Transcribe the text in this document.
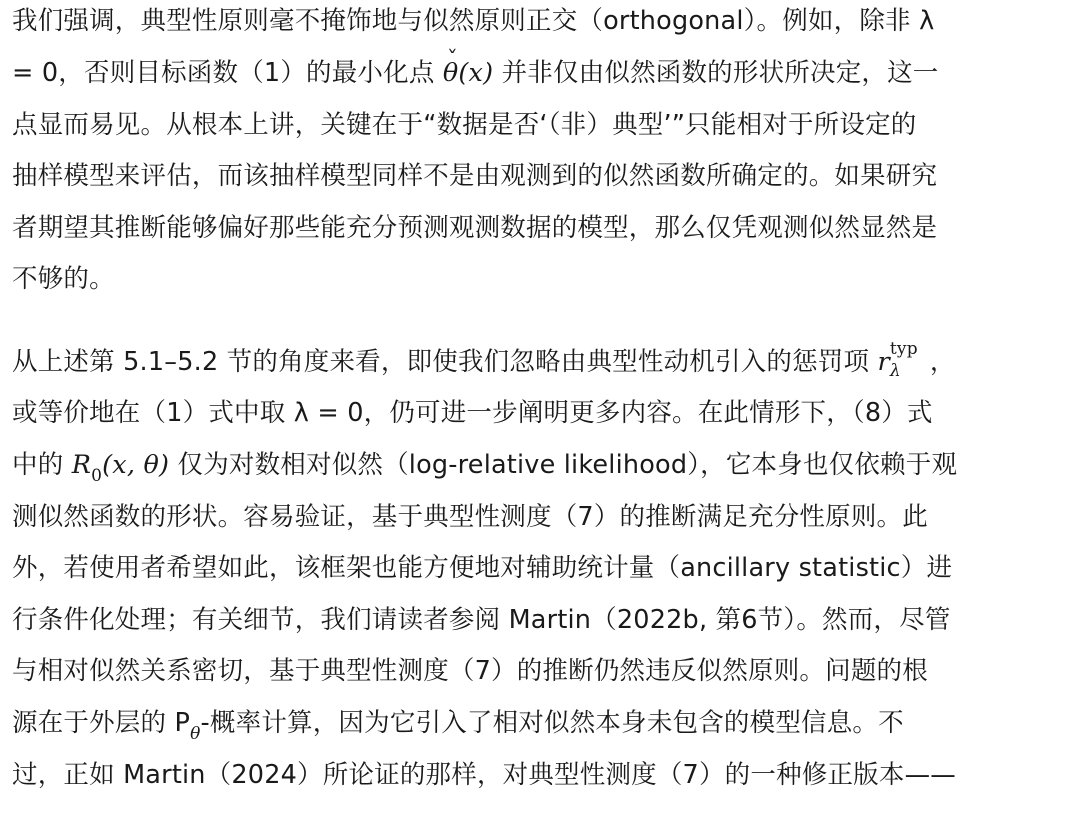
我们强调，典型性原则毫不掩饰地与似然原则正交（orthogonal）。例如，除非 λ
= 0，否则目标函数（1）的最小化点 ˇ θ(x) 并非仅由似然函数的形状所决定，这一
点显而易见。从根本上讲，关键在于“数据是否‘（非）典型’”只能相对于所设定的
抽样模型来评估，而该抽样模型同样不是由观测到的似然函数所确定的。如果研究
者期望其推断能够偏好那些能充分预测观测数据的模型，那么仅凭观测似然显然是
不够的。
从上述第 5.1–5.2 节的角度来看，即使我们忽略由典型性动机引入的惩罚项 r typ
λ ，
或等价地在（1）式中取 λ = 0，仍可进一步阐明更多内容。在此情形下，（8）式
中的 $R_0(x$, θ) 仅为对数相对似然（log-relative likelihood），它本身也仅依赖于观
测似然函数的形状。容易验证，基于典型性测度（7）的推断满足充分性原则。此
外，若使用者希望如此，该框架也能方便地对辅助统计量（ancillary statistic）进
行条件化处理；有关细节，我们请读者参阅 Martin（2022b, 第6节）。然而，尽管
与相对似然关系密切，基于典型性测度（7）的推断仍然违反似然原则。问题的根
源在于外层的 $P_\theta-$概率计算，因为它引入了相对似然本身未包含的模型信息。不
过，正如 Martin（2024）所论证的那样，对典型性测度（7）的一种修正版本——
